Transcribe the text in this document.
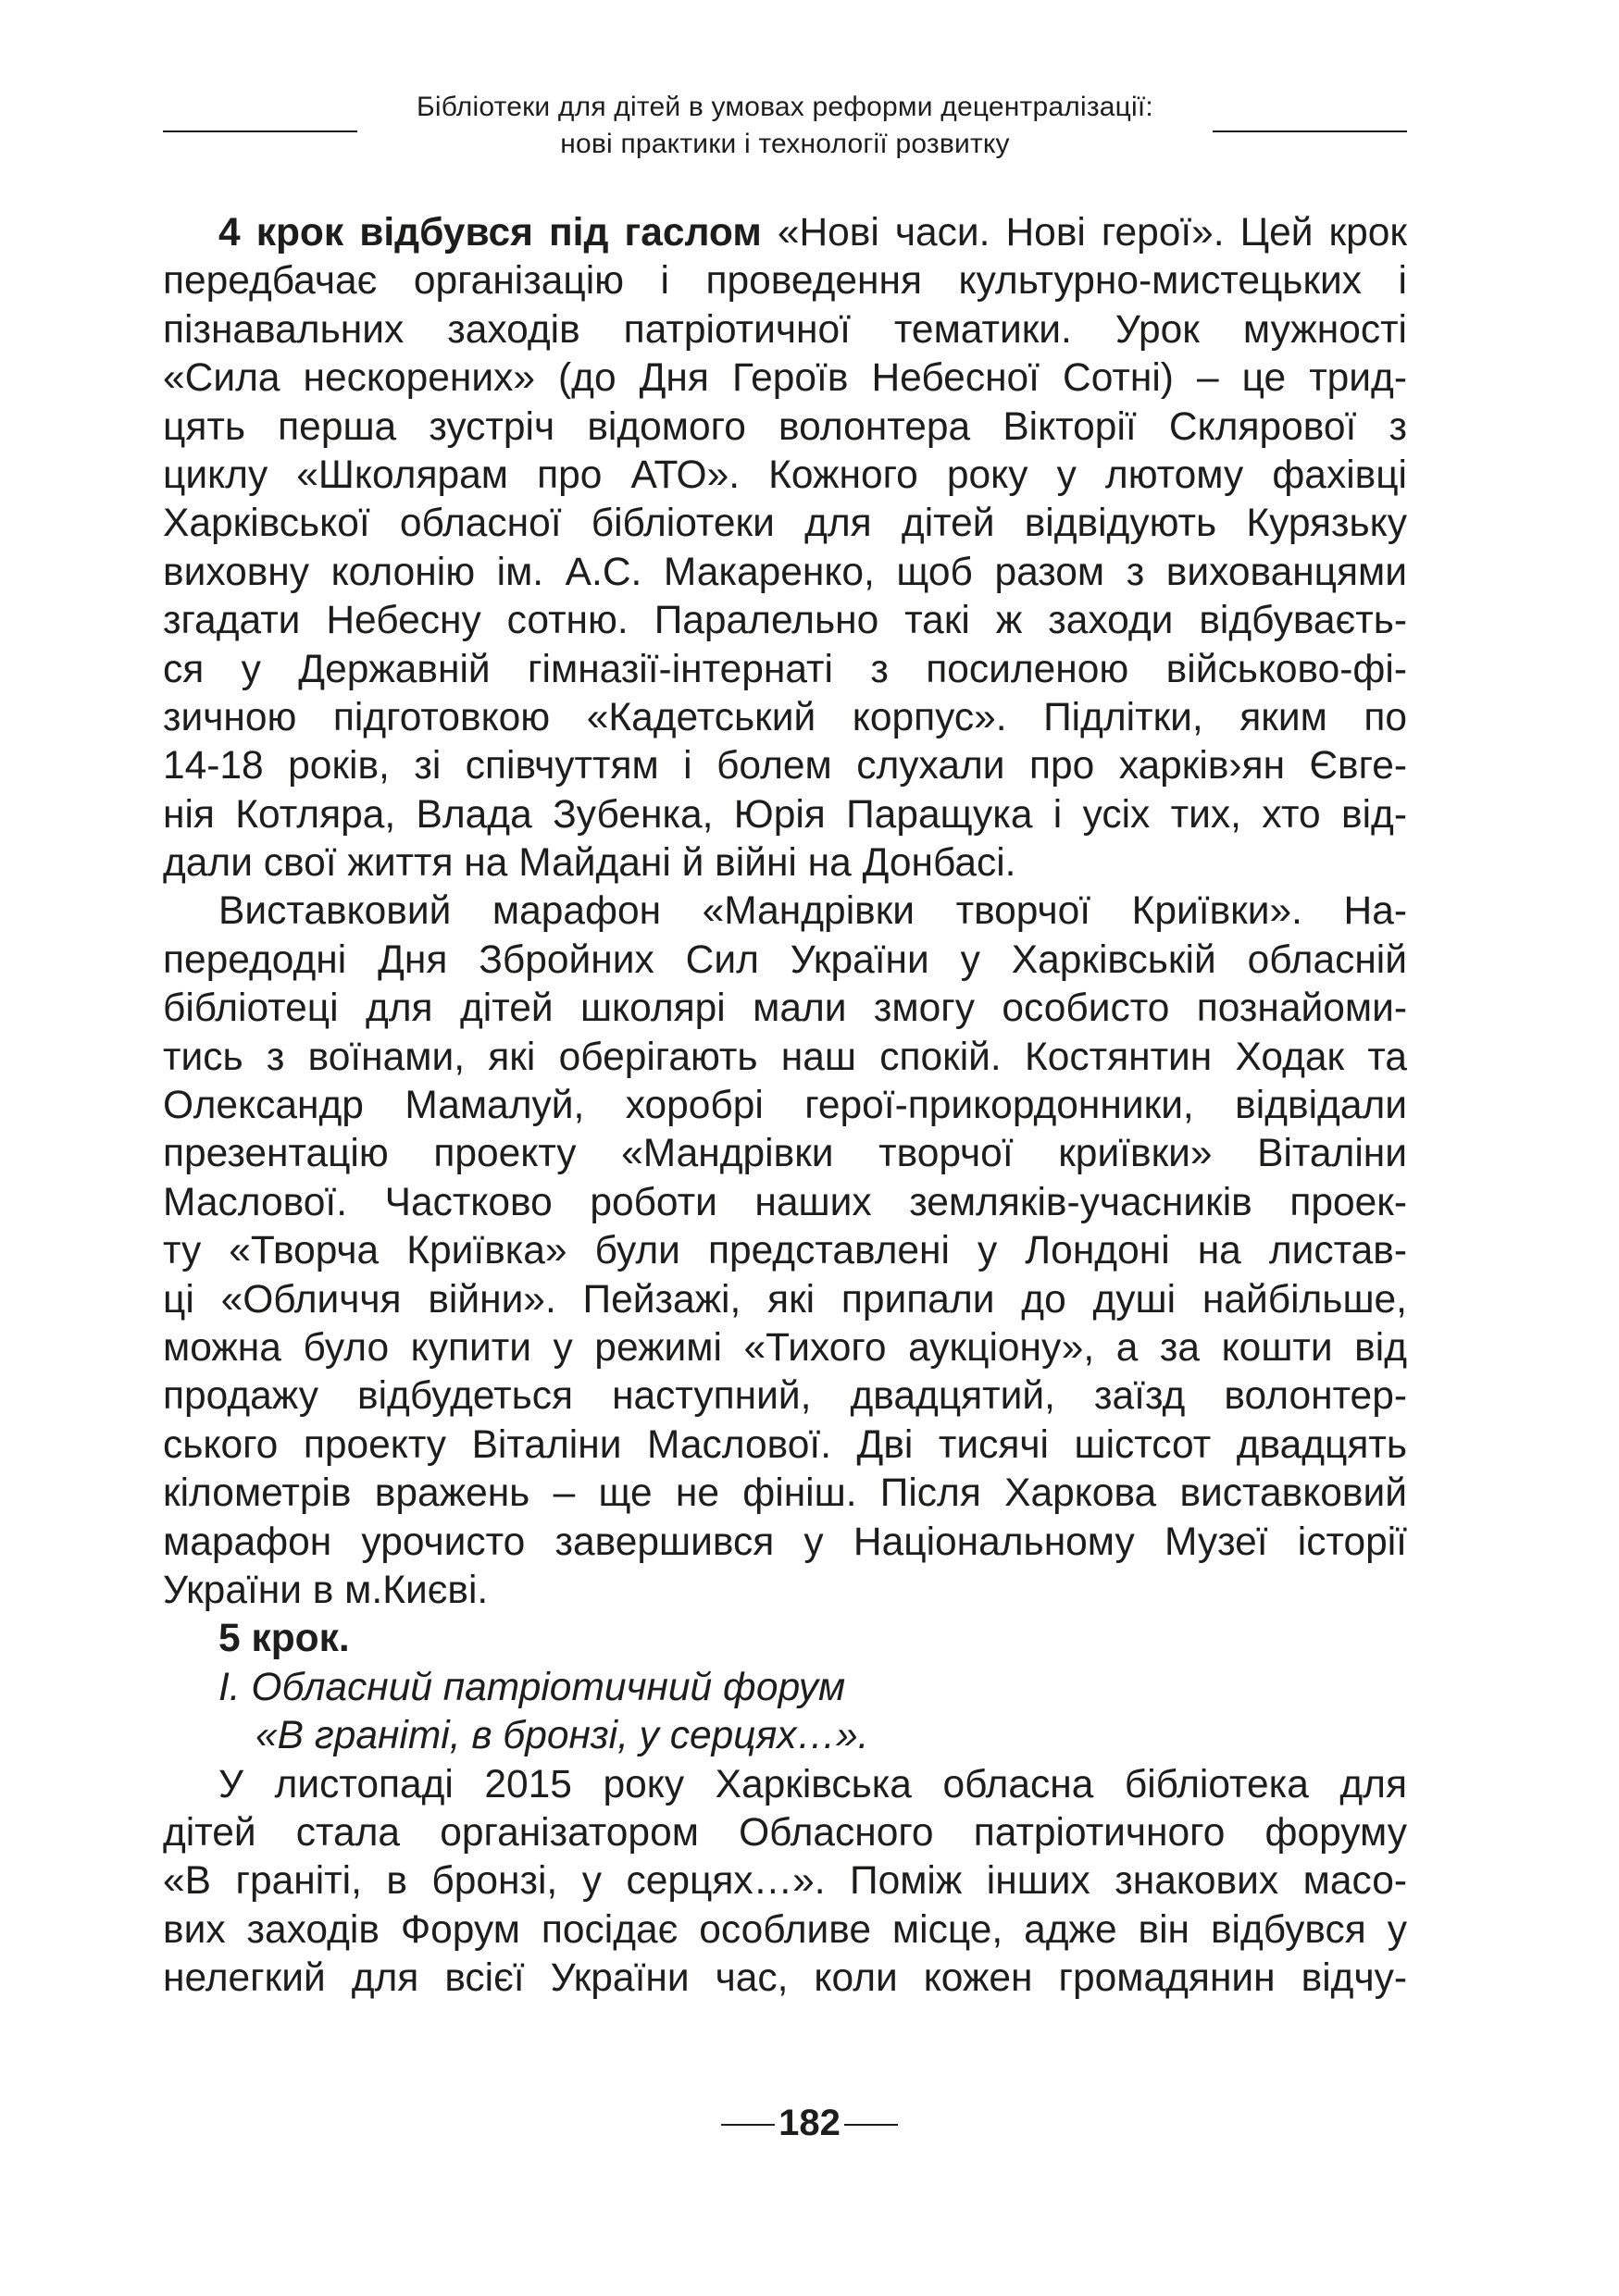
Бібліотеки для дітей в умовах реформи децентралізації:
нові практики і технології розвитку

4 крок відбувся під гаслом «Нові часи. Нові герої». Цей крок
передбачає організацію і проведення культурно-мистецьких і
пізнавальних заходів патріотичної тематики. Урок мужності
«Сила нескорених» (до Дня Героїв Небесної Сотні) – це трид-
цять перша зустріч відомого волонтера Вікторії Склярової з
циклу «Школярам про АТО». Кожного року у лютому фахівці
Харківської обласної бібліотеки для дітей відвідують Курязьку
виховну колонію ім. А.С. Макаренко, щоб разом з вихованцями
згадати Небесну сотню. Паралельно такі ж заходи відбуваєть-
ся у Державній гімназії-інтернаті з посиленою військово-фі-
зичною підготовкою «Кадетський корпус». Підлітки, яким по
14-18 років, зі співчуттям і болем слухали про харків›ян Євге-
нія Котляра, Влада Зубенка, Юрія Паращука і усіх тих, хто від-
дали свої життя на Майдані й війні на Донбасі.

Виставковий марафон «Мандрівки творчої Криївки». На-
передодні Дня Збройних Сил України у Харківській обласній
бібліотеці для дітей школярі мали змогу особисто познайоми-
тись з воїнами, які оберігають наш спокій. Костянтин Ходак та
Олександр Мамалуй, хоробрі герої-прикордонники, відвідали
презентацію проекту «Мандрівки творчої криївки» Віталіни
Маслової. Частково роботи наших земляків-учасників проек-
ту «Творча Криївка» були представлені у Лондоні на листав-
ці «Обличчя війни». Пейзажі, які припали до душі найбільше,
можна було купити у режимі «Тихого аукціону», а за кошти від
продажу відбудеться наступний, двадцятий, заїзд волонтер-
ського проекту Віталіни Маслової. Дві тисячі шістсот двадцять
кілометрів вражень – ще не фініш. Після Харкова виставковий
марафон урочисто завершився у Національному Музеї історії
України в м.Києві.

5 крок.
І. Обласний патріотичний форум
«В граніті, в бронзі, у серцях…».

У листопаді 2015 року Харківська обласна бібліотека для
дітей стала організатором Обласного патріотичного форуму
«В граніті, в бронзі, у серцях…». Поміж інших знакових масо-
вих заходів Форум посідає особливе місце, адже він відбувся у
нелегкий для всієї України час, коли кожен громадянин відчу-

182
